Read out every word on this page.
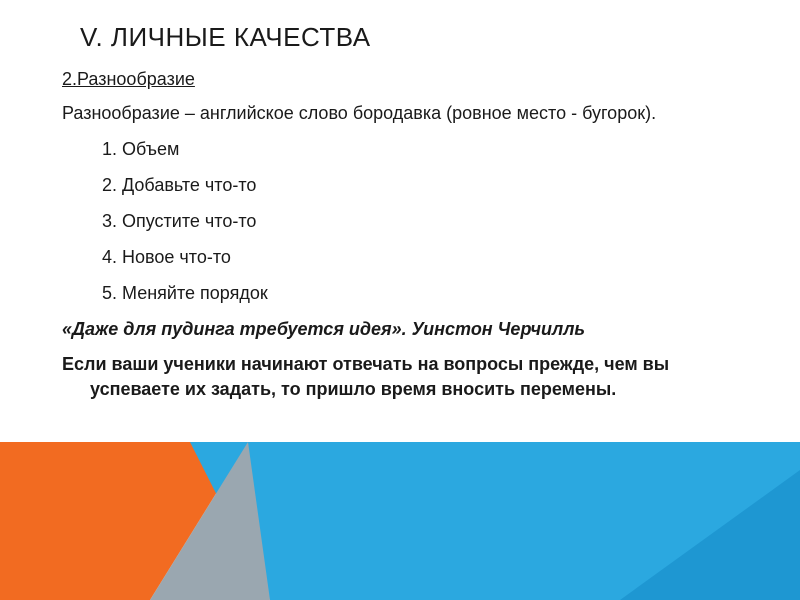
V. ЛИЧНЫЕ КАЧЕСТВА
2.Разнообразие
Разнообразие – английское слово бородавка (ровное место - бугорок).
1. Объем
2. Добавьте что-то
3. Опустите что-то
4. Новое что-то
5. Меняйте порядок
«Даже для пудинга требуется идея». Уинстон Черчилль
Если ваши ученики начинают отвечать на вопросы прежде, чем вы успеваете их задать, то пришло время вносить перемены.
